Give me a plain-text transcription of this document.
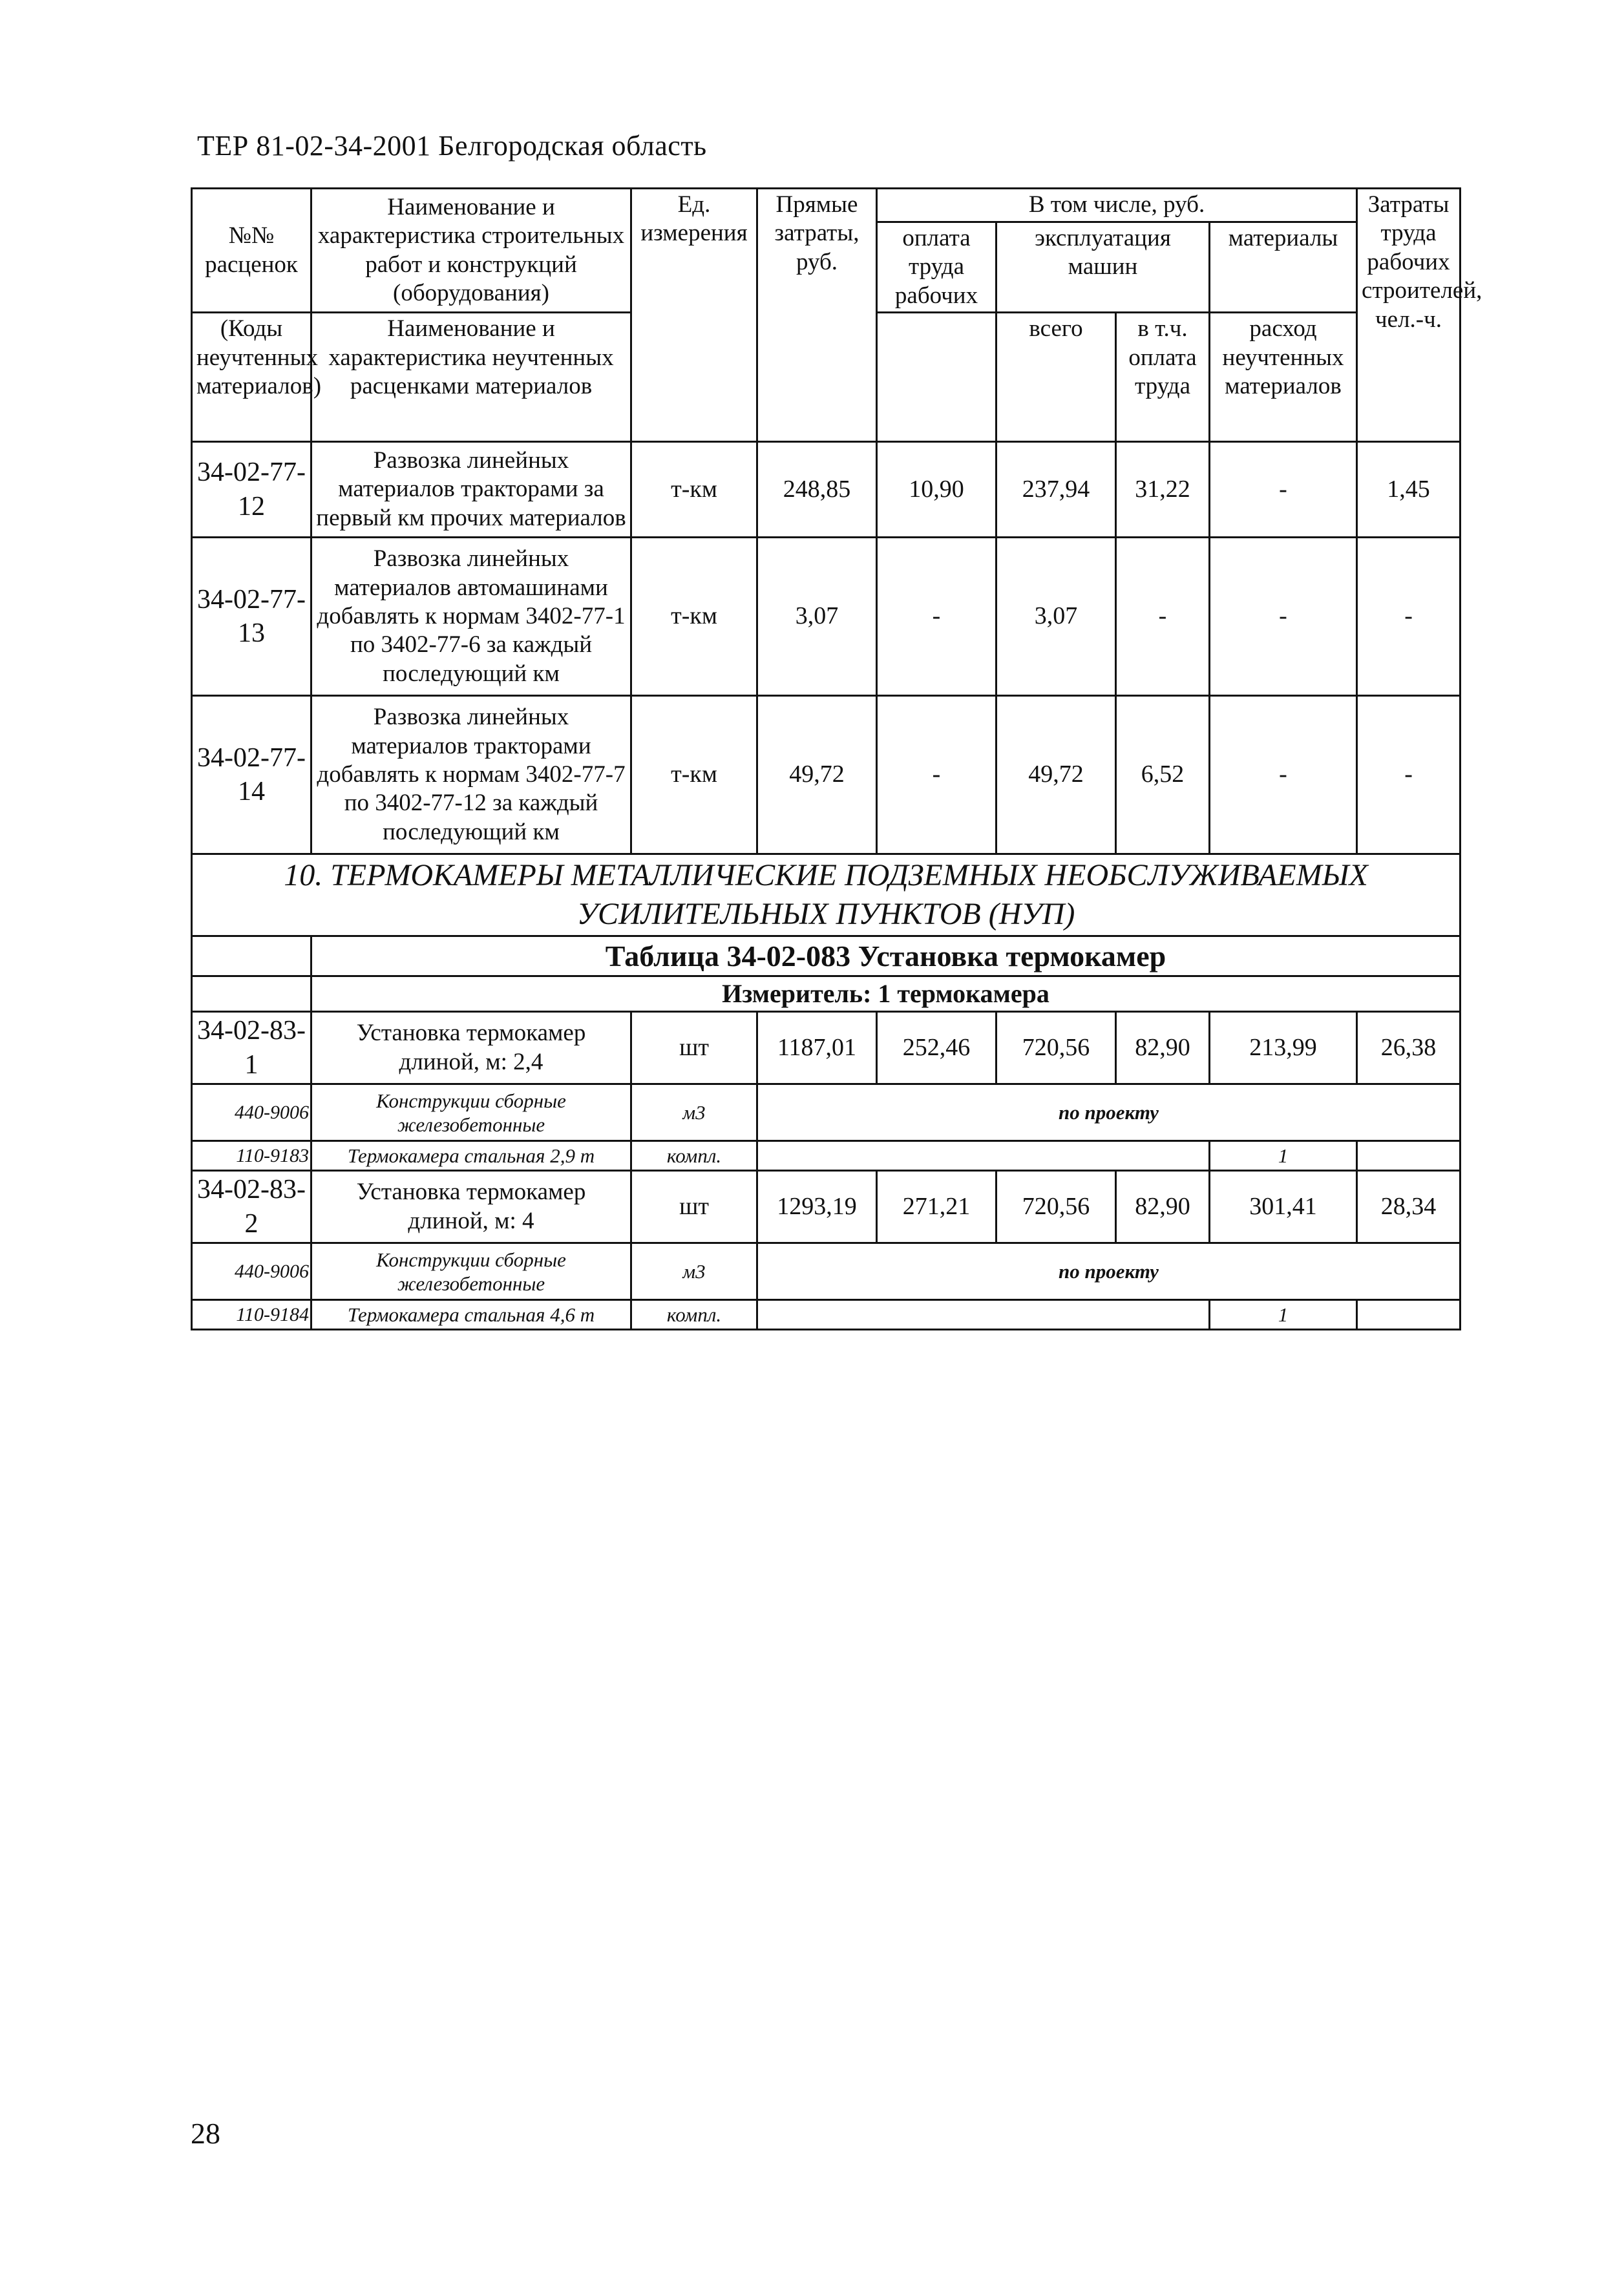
ТЕР 81-02-34-2001 Белгородская область
№№ расценок	Наименование и характеристика строительных работ и конструкций (оборудования)	Ед. измерения	Прямые затраты, руб.	В том числе, руб.				Затраты труда рабочих строителей, чел.-ч.
				оплата труда рабочих	эксплуатация машин		материалы	

(Коды неучтенных материалов)	Наименование и характеристика неучтенных расценками материалов				всего	в т.ч. оплата труда	расход неучтенных материалов	

34-02-77-12	Развозка линейных материалов тракторами за первый км прочих материалов	т-км	248,85	10,90	237,94	31,22	-	1,45
34-02-77-13	Развозка линейных материалов автомашинами добавлять к нормам 3402-77-1 по 3402-77-6 за каждый последующий км	т-км	3,07	-	3,07	-	-	-
34-02-77-14	Развозка линейных материалов тракторами добавлять к нормам 3402-77-7 по 3402-77-12 за каждый последующий км	т-км	49,72	-	49,72	6,52	-	-
10. ТЕРМОКАМЕРЫ МЕТАЛЛИЧЕСКИЕ ПОДЗЕМНЫХ НЕОБСЛУЖИВАЕМЫХ УСИЛИТЕЛЬНЫХ ПУНКТОВ (НУП)								
	Таблица 34-02-083 Установка термокамер							
	Измеритель: 1 термокамера							
34-02-83-1	Установка термокамер длиной, м: 2,4	шт	1187,01	252,46	720,56	82,90	213,99	26,38
440-9006	Конструкции сборные железобетонные	м3	по проекту					
110-9183	Термокамера стальная 2,9 т	компл.					1	
34-02-83-2	Установка термокамер длиной, м: 4	шт	1293,19	271,21	720,56	82,90	301,41	28,34
440-9006	Конструкции сборные железобетонные	м3	по проекту					
110-9184	Термокамера стальная 4,6 т	компл.					1	
28
